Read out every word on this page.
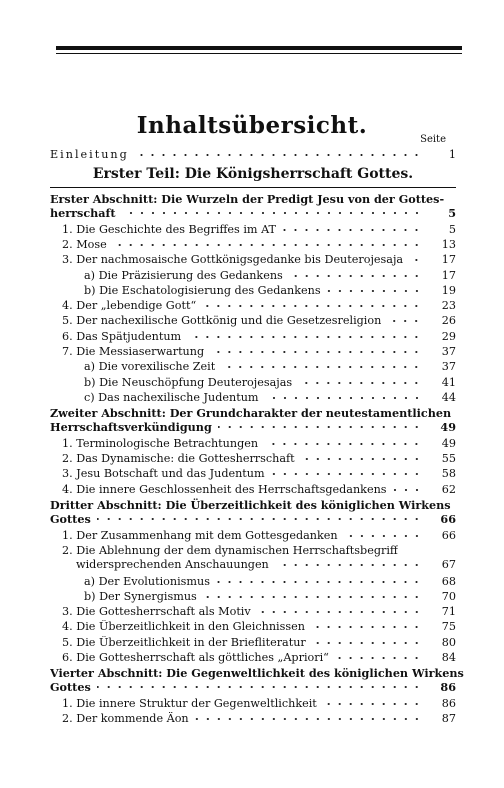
Inhaltsübersicht.
Seite
Einleitung	1
Erster Teil: Die Königsherrschaft Gottes.
Erster Abschnitt: Die Wurzeln der Predigt Jesu von der Gottes-
herrschaft	5
1. Die Geschichte des Begriffes im AT	5
2. Mose	13
3. Der nachmosaische Gottkönigsgedanke bis Deuterojesaja	17
a) Die Präzisierung des Gedankens	17
b) Die Eschatologisierung des Gedankens	19
4. Der „lebendige Gott“	23
5. Der nachexilische Gottkönig und die Gesetzesreligion	26
6. Das Spätjudentum	29
7. Die Messiaserwartung	37
a) Die vorexilische Zeit	37
b) Die Neuschöpfung Deuterojesajas	41
c) Das nachexilische Judentum	44
Zweiter Abschnitt: Der Grundcharakter der neutestamentlichen
Herrschaftsverkündigung	49
1. Terminologische Betrachtungen	49
2. Das Dynamische: die Gottesherrschaft	55
3. Jesu Botschaft und das Judentum	58
4. Die innere Geschlossenheit des Herrschaftsgedankens	62
Dritter Abschnitt: Die Überzeitlichkeit des königlichen Wirkens
Gottes	66
1. Der Zusammenhang mit dem Gottesgedanken	66
2. Die Ablehnung der dem dynamischen Herrschaftsbegriff
widersprechenden Anschauungen	67
a) Der Evolutionismus	68
b) Der Synergismus	70
3. Die Gottesherrschaft als Motiv	71
4. Die Überzeitlichkeit in den Gleichnissen	75
5. Die Überzeitlichkeit in der Briefliteratur	80
6. Die Gottesherrschaft als göttliches „Apriori“	84
Vierter Abschnitt: Die Gegenweltlichkeit des königlichen Wirkens
Gottes	86
1. Die innere Struktur der Gegenweltlichkeit	86
2. Der kommende Äon	87
